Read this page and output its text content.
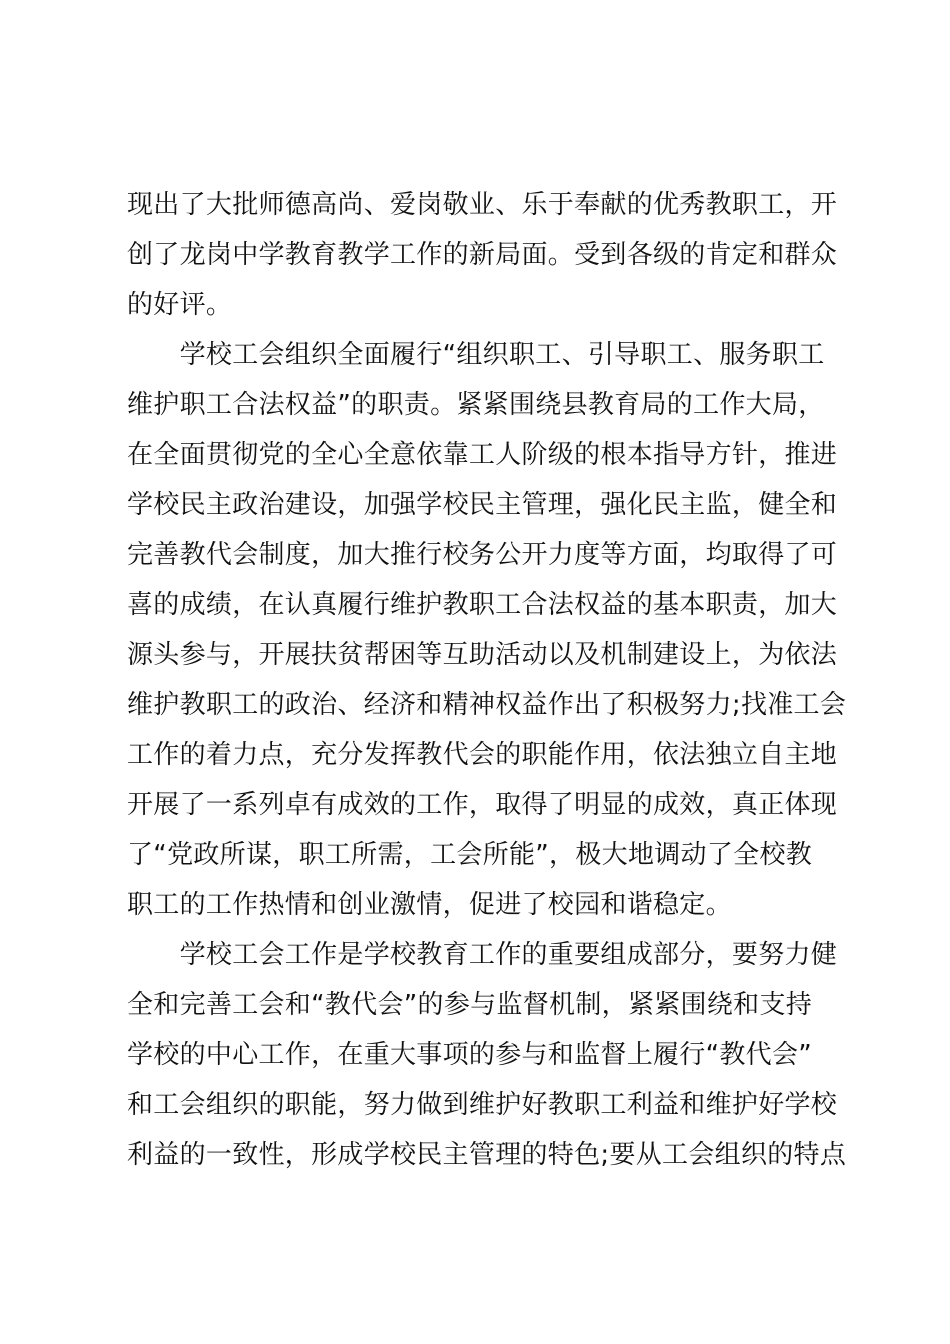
现出了大批师德高尚、爱岗敬业、乐于奉献的优秀教职工，开
创了龙岗中学教育教学工作的新局面。受到各级的肯定和群众
的好评。
　　学校工会组织全面履行“组织职工、引导职工、服务职工
维护职工合法权益”的职责。紧紧围绕县教育局的工作大局，
在全面贯彻党的全心全意依靠工人阶级的根本指导方针，推进
学校民主政治建设，加强学校民主管理，强化民主监，健全和
完善教代会制度，加大推行校务公开力度等方面，均取得了可
喜的成绩，在认真履行维护教职工合法权益的基本职责，加大
源头参与，开展扶贫帮困等互助活动以及机制建设上，为依法
维护教职工的政治、经济和精神权益作出了积极努力;找准工会
工作的着力点，充分发挥教代会的职能作用，依法独立自主地
开展了一系列卓有成效的工作，取得了明显的成效，真正体现
了“党政所谋，职工所需，工会所能”，极大地调动了全校教
职工的工作热情和创业激情，促进了校园和谐稳定。
　　学校工会工作是学校教育工作的重要组成部分，要努力健
全和完善工会和“教代会”的参与监督机制，紧紧围绕和支持
学校的中心工作，在重大事项的参与和监督上履行“教代会”
和工会组织的职能，努力做到维护好教职工利益和维护好学校
利益的一致性，形成学校民主管理的特色;要从工会组织的特点
